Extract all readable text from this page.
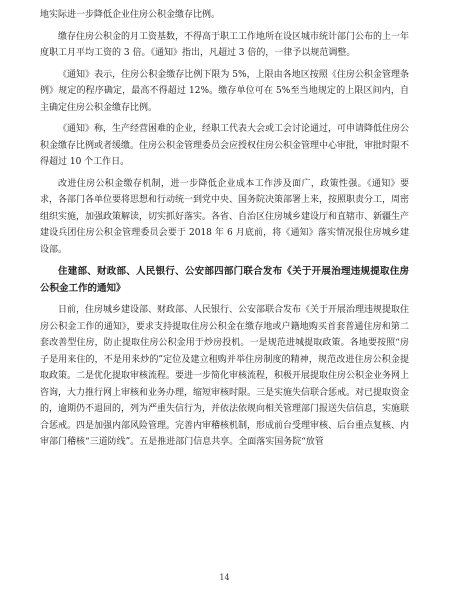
地实际进一步降低企业住房公积金缴存比例。

缴存住房公积金的月工资基数，不得高于职工工作地所在设区城市统计部门公布的上一年度职工月平均工资的 3 倍。《通知》指出，凡超过 3 倍的，一律予以规范调整。

《通知》表示，住房公积金缴存比例下限为 5%，上限由各地区按照《住房公积金管理条例》规定的程序确定，最高不得超过 12%。缴存单位可在 5%至当地规定的上限区间内，自主确定住房公积金缴存比例。

《通知》称，生产经营困难的企业，经职工代表大会或工会讨论通过，可申请降低住房公积金缴存比例或者缓缴。住房公积金管理委员会应授权住房公积金管理中心审批，审批时限不得超过 10 个工作日。

改进住房公积金缴存机制，进一步降低企业成本工作涉及面广，政策性强。《通知》要求，各部门各单位要将思想和行动统一到党中央、国务院决策部署上来，按照职责分工，周密组织实施，加强政策解读，切实抓好落实。各省、自治区住房城乡建设厅和直辖市、新疆生产建设兵团住房公积金管理委员会要于 2018 年 6 月底前，将《通知》落实情况报住房城乡建设部。

住建部、财政部、人民银行、公安部四部门联合发布《关于开展治理违规提取住房公积金工作的通知》

日前，住房城乡建设部、财政部、人民银行、公安部联合发布《关于开展治理违规提取住房公积金工作的通知》，要求支持提取住房公积金在缴存地或户籍地购买首套普通住房和第二套改善型住房，防止提取住房公积金用于炒房投机。一是规范进城提取政策。各地要按照“房子是用来住的，不是用来炒的”定位及建立租购并举住房制度的精神，规范改进住房公积金提取政策。二是优化提取审核流程。要进一步简化审核流程，积极开展提取住房公积金业务网上咨询，大力推行网上审核和业务办理，缩短审核时限。三是实施失信联合惩戒。对已提取资金的，逾期仍不退回的，列为严重失信行为，并依法依规向相关管理部门报送失信信息，实施联合惩戒。四是加强内部风险管理。完善内审稽核机制，形成前台受理审核、后台重点复核、内审部门稽核“三道防线”。五是推进部门信息共享。全面落实国务院“放管

14
